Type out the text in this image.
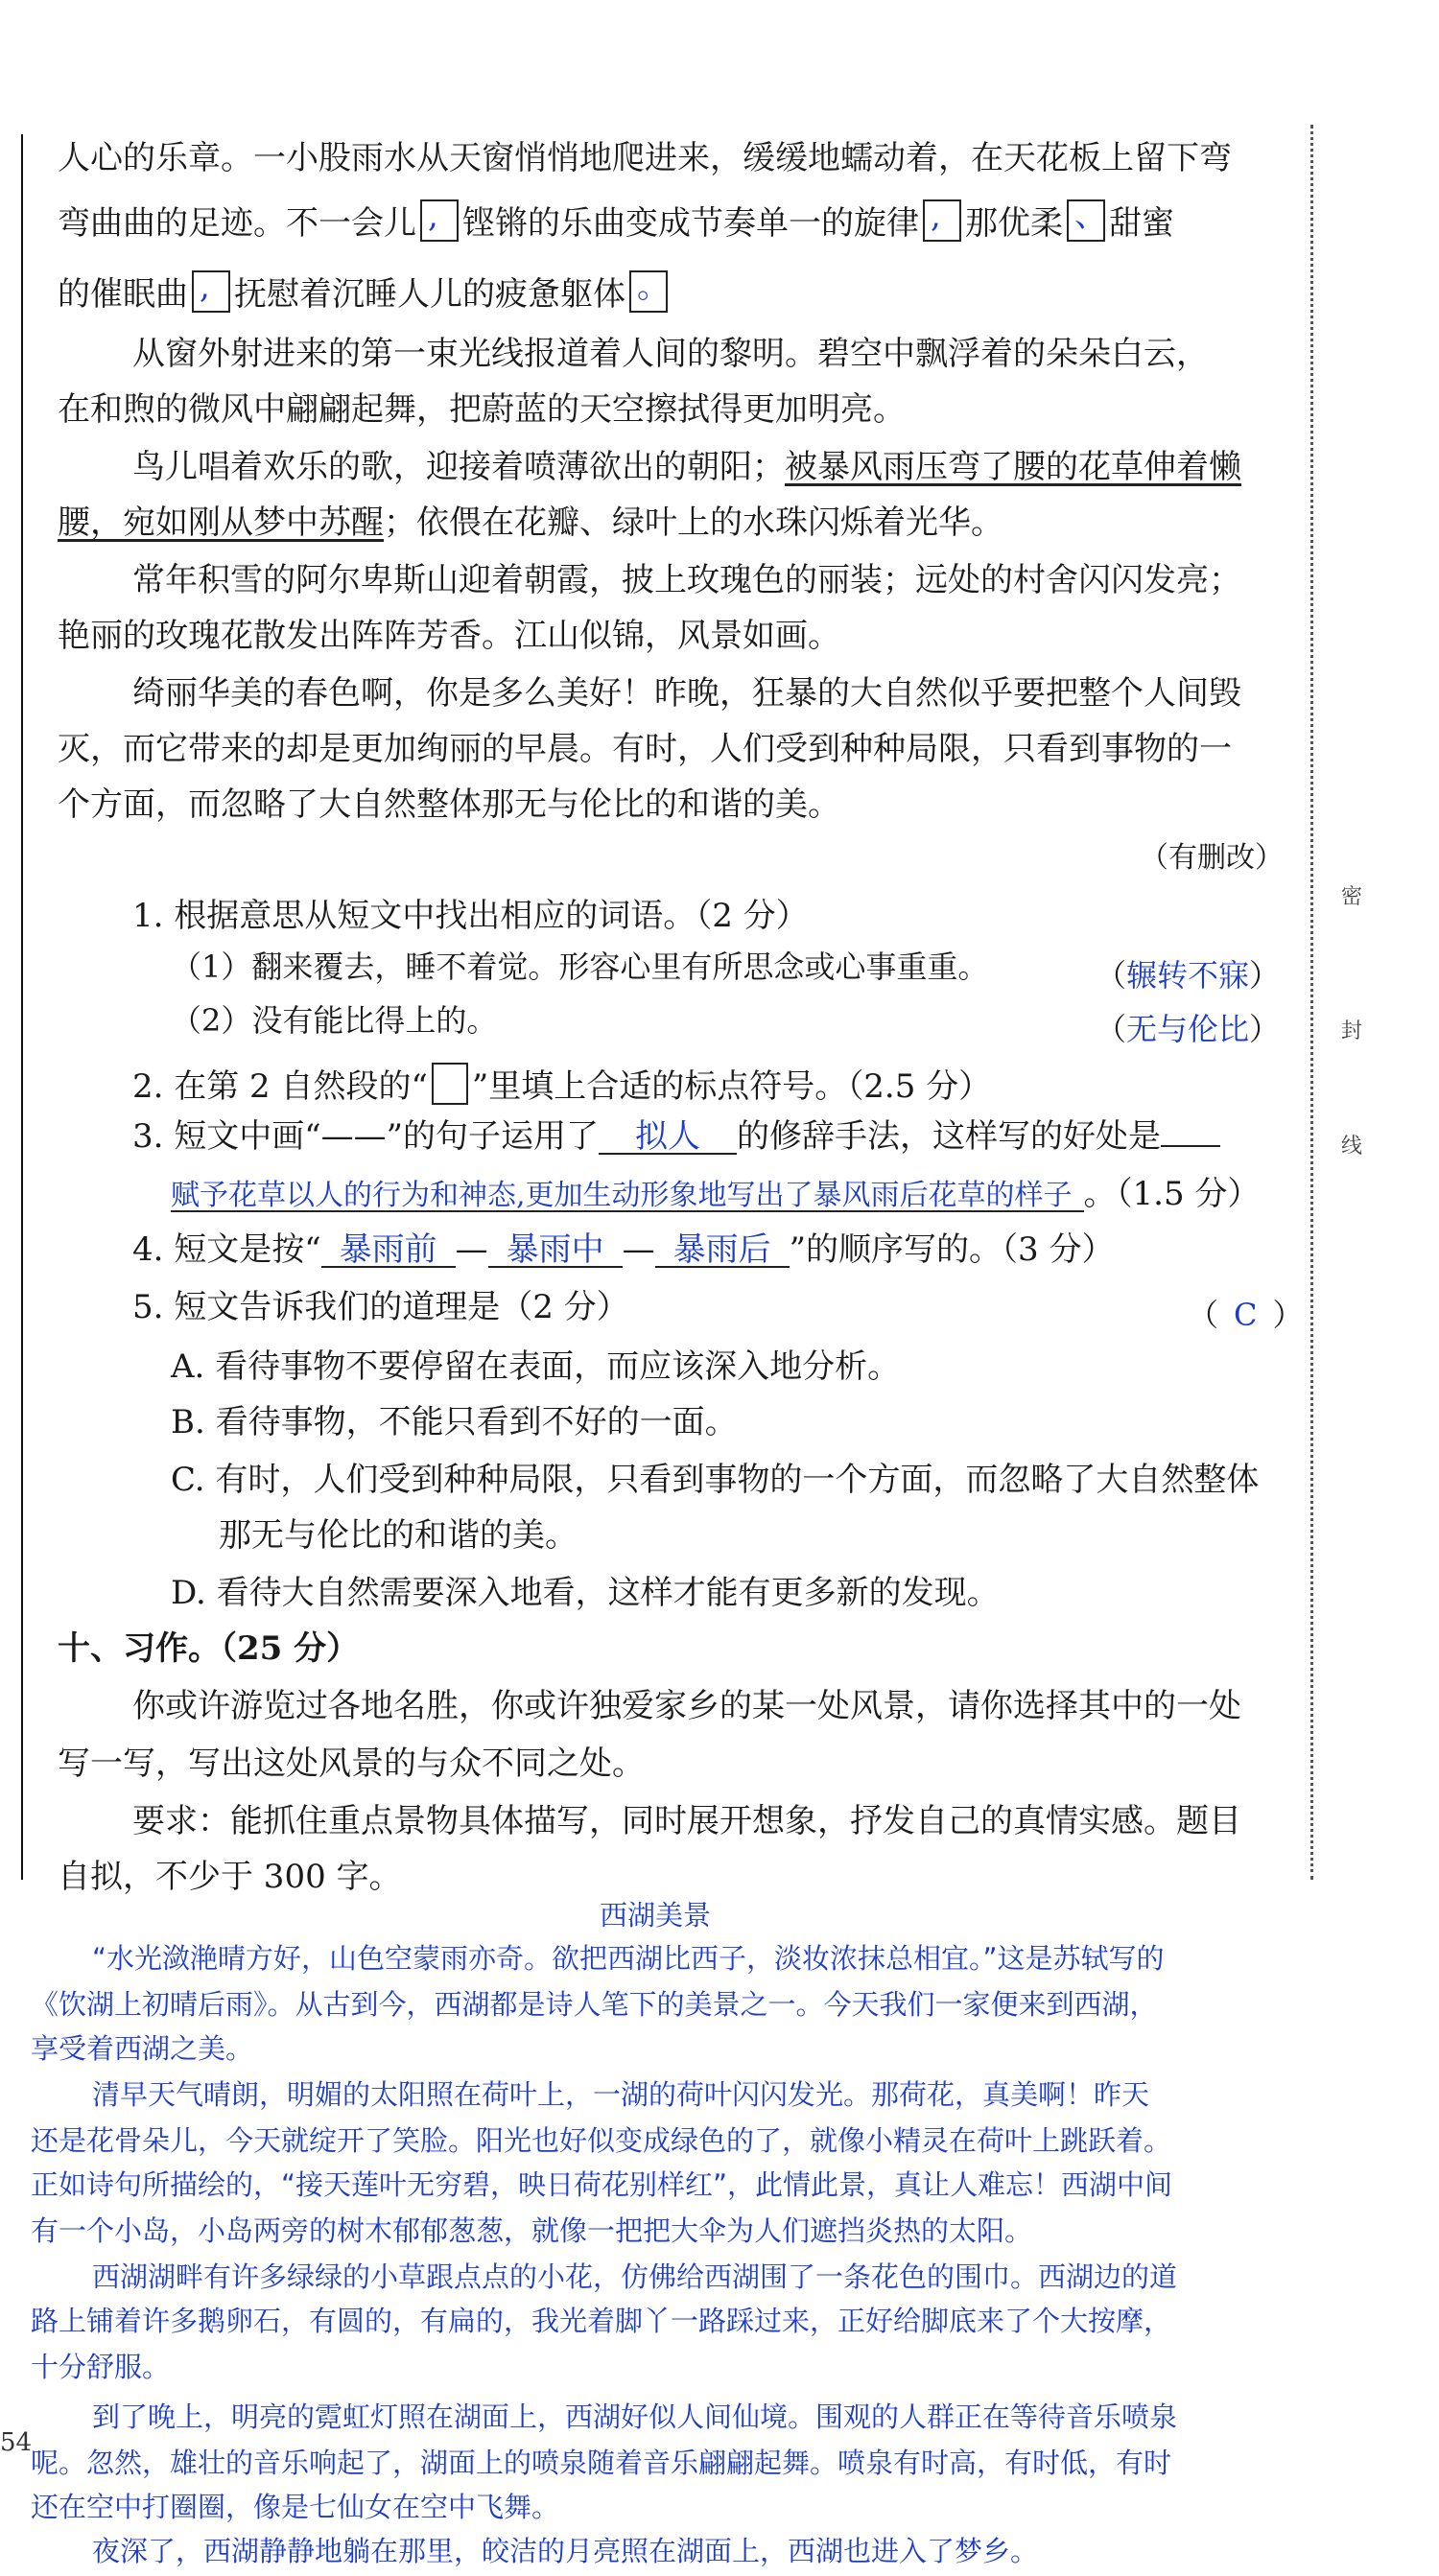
密
封
线
人心的乐章。一小股雨水从天窗悄悄地爬进来，缓缓地蠕动着，在天花板上留下弯
弯曲曲的足迹。不一会儿 , 铿锵的乐曲变成节奏单一的旋律 , 那优柔 、 甜蜜
的催眠曲 , 抚慰着沉睡人儿的疲惫躯体 。
从窗外射进来的第一束光线报道着人间的黎明。碧空中飘浮着的朵朵白云，
在和煦的微风中翩翩起舞，把蔚蓝的天空擦拭得更加明亮。
鸟儿唱着欢乐的歌，迎接着喷薄欲出的朝阳；被暴风雨压弯了腰的花草伸着懒
腰，宛如刚从梦中苏醒；依偎在花瓣、绿叶上的水珠闪烁着光华。
常年积雪的阿尔卑斯山迎着朝霞，披上玫瑰色的丽装；远处的村舍闪闪发亮；
艳丽的玫瑰花散发出阵阵芳香。江山似锦，风景如画。
绮丽华美的春色啊，你是多么美好！昨晚，狂暴的大自然似乎要把整个人间毁
灭，而它带来的却是更加绚丽的早晨。有时，人们受到种种局限，只看到事物的一
个方面，而忽略了大自然整体那无与伦比的和谐的美。
（有删改）
1. 根据意思从短文中找出相应的词语。（2 分）
（1）翻来覆去，睡不着觉。形容心里有所思念或心事重重。	（辗转不寐）
（2）没有能比得上的。	（无与伦比）
2. 在第 2 自然段的“ ”里填上合适的标点符号。（2.5 分）
3. 短文中画“——”的句子运用了 拟人 的修辞手法，这样写的好处是
赋予花草以人的行为和神态,更加生动形象地写出了暴风雨后花草的样子 。（1.5 分）
4. 短文是按“ 暴雨前 — 暴雨中 — 暴雨后 ”的顺序写的。（3 分）
5. 短文告诉我们的道理是（2 分）	（ C ）
A. 看待事物不要停留在表面，而应该深入地分析。
B. 看待事物，不能只看到不好的一面。
C. 有时，人们受到种种局限，只看到事物的一个方面，而忽略了大自然整体
那无与伦比的和谐的美。
D. 看待大自然需要深入地看，这样才能有更多新的发现。
十、习作。（25 分）
你或许游览过各地名胜，你或许独爱家乡的某一处风景，请你选择其中的一处
写一写，写出这处风景的与众不同之处。
要求：能抓住重点景物具体描写，同时展开想象，抒发自己的真情实感。题目
自拟，不少于 300 字。
西湖美景
“水光潋滟晴方好，山色空蒙雨亦奇。欲把西湖比西子，淡妆浓抹总相宜。”这是苏轼写的
《饮湖上初晴后雨》。从古到今，西湖都是诗人笔下的美景之一。今天我们一家便来到西湖，
享受着西湖之美。
清早天气晴朗，明媚的太阳照在荷叶上，一湖的荷叶闪闪发光。那荷花，真美啊！昨天
还是花骨朵儿，今天就绽开了笑脸。阳光也好似变成绿色的了，就像小精灵在荷叶上跳跃着。
正如诗句所描绘的，“接天莲叶无穷碧，映日荷花别样红”，此情此景，真让人难忘！西湖中间
有一个小岛，小岛两旁的树木郁郁葱葱，就像一把把大伞为人们遮挡炎热的太阳。
西湖湖畔有许多绿绿的小草跟点点的小花，仿佛给西湖围了一条花色的围巾。西湖边的道
路上铺着许多鹅卵石，有圆的，有扁的，我光着脚丫一路踩过来，正好给脚底来了个大按摩，
十分舒服。
到了晚上，明亮的霓虹灯照在湖面上，西湖好似人间仙境。围观的人群正在等待音乐喷泉
呢。忽然，雄壮的音乐响起了，湖面上的喷泉随着音乐翩翩起舞。喷泉有时高，有时低，有时
还在空中打圈圈，像是七仙女在空中飞舞。
夜深了，西湖静静地躺在那里，皎洁的月亮照在湖面上，西湖也进入了梦乡。
54
